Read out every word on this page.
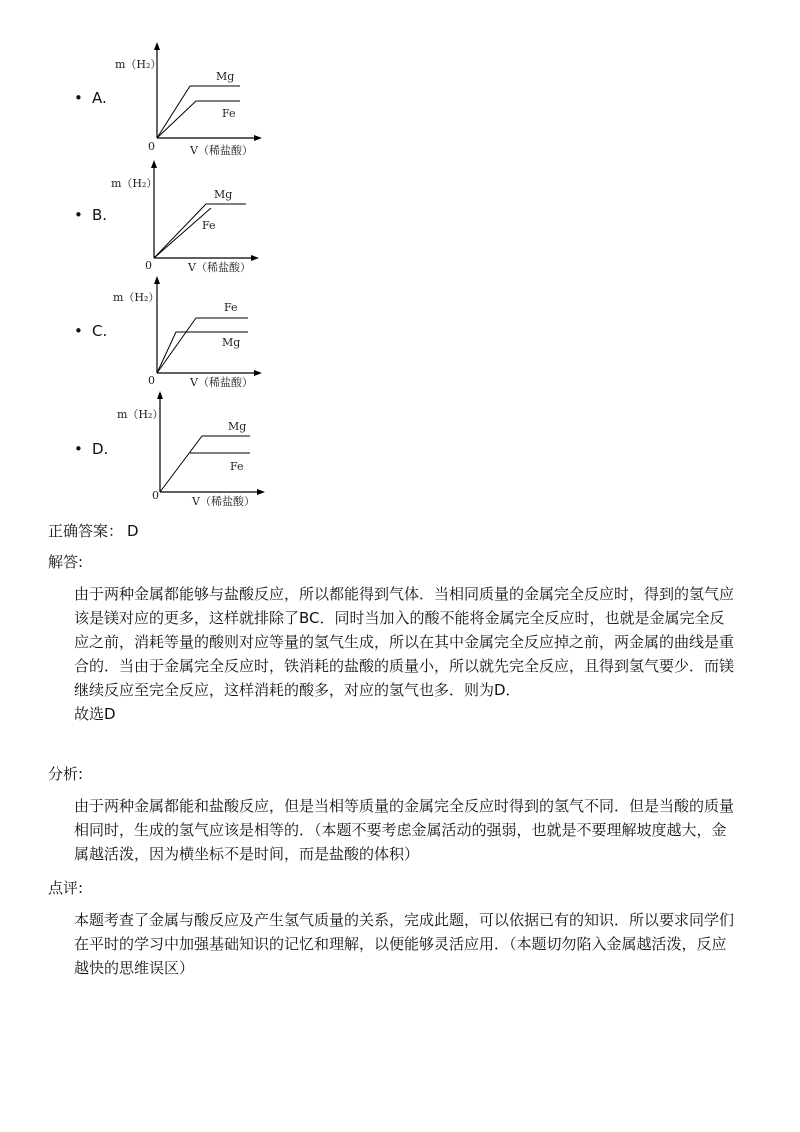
• A.
m（H₂）
Mg
Fe
0	V（稀盐酸）
• B.
m（H₂）
Mg
Fe
0	V（稀盐酸）
• C.
m（H₂）
Fe
Mg
0	V（稀盐酸）
• D.
m（H₂）
Mg
Fe
0	V（稀盐酸）
正确答案： D
解答:

由于两种金属都能够与盐酸反应，所以都能得到气体．当相同质量的金属完全反应时，得到的氢气应该是镁对应的更多，这样就排除了BC．同时当加入的酸不能将金属完全反应时，也就是金属完全反应之前，消耗等量的酸则对应等量的氢气生成，所以在其中金属完全反应掉之前，两金属的曲线是重合的．当由于金属完全反应时，铁消耗的盐酸的质量小，所以就先完全反应，且得到氢气要少．而镁继续反应至完全反应，这样消耗的酸多，对应的氢气也多．则为D．

故选D

分析:

由于两种金属都能和盐酸反应，但是当相等质量的金属完全反应时得到的氢气不同．但是当酸的质量相同时，生成的氢气应该是相等的．（本题不要考虑金属活动的强弱，也就是不要理解坡度越大，金属越活泼，因为横坐标不是时间，而是盐酸的体积）

点评:

本题考查了金属与酸反应及产生氢气质量的关系，完成此题，可以依据已有的知识．所以要求同学们在平时的学习中加强基础知识的记忆和理解，以便能够灵活应用．（本题切勿陷入金属越活泼，反应越快的思维误区）
